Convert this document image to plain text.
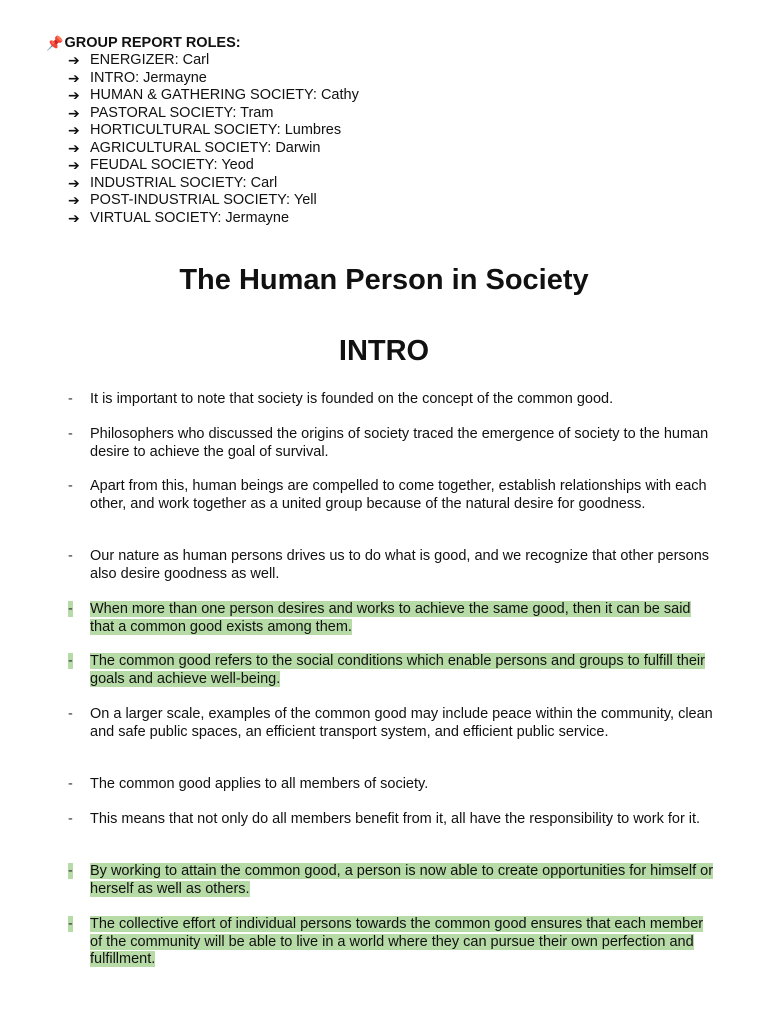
📌 GROUP REPORT ROLES:
➔ ENERGIZER: Carl
➔ INTRO: Jermayne
➔ HUMAN & GATHERING SOCIETY: Cathy
➔ PASTORAL SOCIETY: Tram
➔ HORTICULTURAL SOCIETY: Lumbres
➔ AGRICULTURAL SOCIETY: Darwin
➔ FEUDAL SOCIETY: Yeod
➔ INDUSTRIAL SOCIETY: Carl
➔ POST-INDUSTRIAL SOCIETY: Yell
➔ VIRTUAL SOCIETY: Jermayne
The Human Person in Society
INTRO
-	It is important to note that society is founded on the concept of the common good.
-	Philosophers who discussed the origins of society traced the emergence of society to the human desire to achieve the goal of survival.
-	Apart from this, human beings are compelled to come together, establish relationships with each other, and work together as a united group because of the natural desire for goodness.
-	Our nature as human persons drives us to do what is good, and we recognize that other persons also desire goodness as well.
-	When more than one person desires and works to achieve the same good, then it can be said that a common good exists among them.
-	The common good refers to the social conditions which enable persons and groups to fulfill their goals and achieve well-being.
-	On a larger scale, examples of the common good may include peace within the community, clean and safe public spaces, an efficient transport system, and efficient public service.
-	The common good applies to all members of society.
-	This means that not only do all members benefit from it, all have the responsibility to work for it.
-	By working to attain the common good, a person is now able to create opportunities for himself or herself as well as others.
-	The collective effort of individual persons towards the common good ensures that each member of the community will be able to live in a world where they can pursue their own perfection and fulfillment.
